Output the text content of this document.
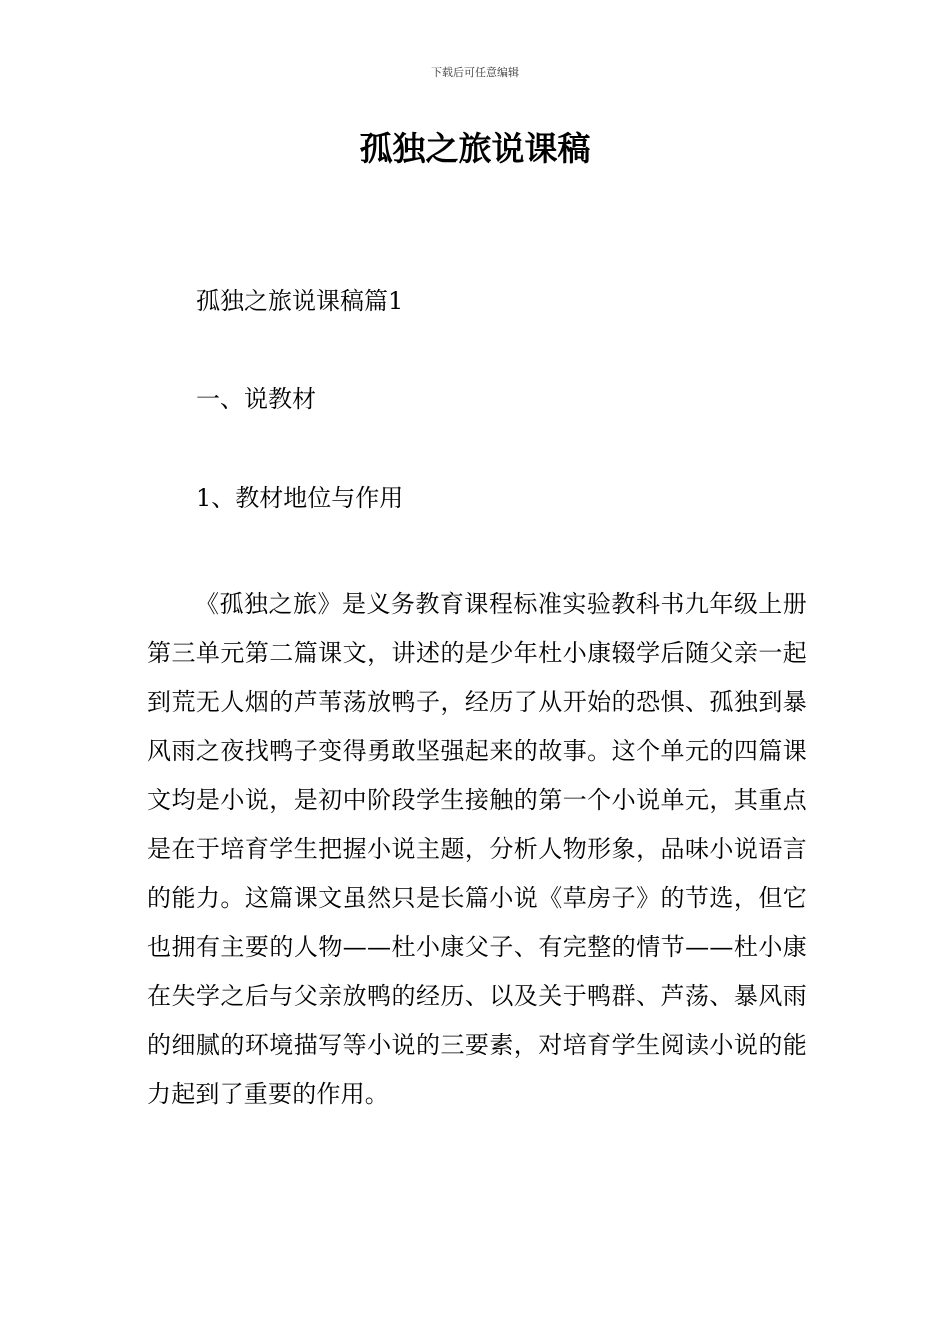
下载后可任意编辑
孤独之旅说课稿

孤独之旅说课稿篇1

一、说教材

1、教材地位与作用

《孤独之旅》是义务教育课程标准实验教科书九年级上册第三单元第二篇课文，讲述的是少年杜小康辍学后随父亲一起到荒无人烟的芦苇荡放鸭子，经历了从开始的恐惧、孤独到暴风雨之夜找鸭子变得勇敢坚强起来的故事。这个单元的四篇课文均是小说，是初中阶段学生接触的第一个小说单元，其重点是在于培育学生把握小说主题，分析人物形象，品味小说语言的能力。这篇课文虽然只是长篇小说《草房子》的节选，但它也拥有主要的人物——杜小康父子、有完整的情节——杜小康在失学之后与父亲放鸭的经历、以及关于鸭群、芦荡、暴风雨的细腻的环境描写等小说的三要素，对培育学生阅读小说的能力起到了重要的作用。
